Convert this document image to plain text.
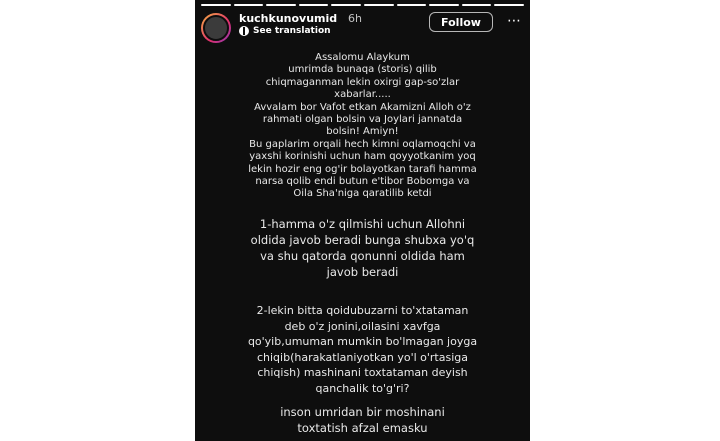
kuchkunovumid 6h
See translation
Follow	⋯
Assalomu Alaykum
umrimda bunaqa (storis) qilib
chiqmaganman lekin oxirgi gap-so'zlar
xabarlar.....
Avvalam bor Vafot etkan Akamizni Alloh o'z
rahmati olgan bolsin va Joylari jannatda
bolsin! Amiyn!
Bu gaplarim orqali hech kimni oqlamoqchi va
yaxshi korinishi uchun ham qoyyotkanim yoq
lekin hozir eng og'ir bolayotkan tarafi hamma
narsa qolib endi butun e'tibor Bobomga va
Oila Sha'niga qaratilib ketdi
1-hamma o'z qilmishi uchun Allohni
oldida javob beradi bunga shubxa yo'q
va shu qatorda qonunni oldida ham
javob beradi
2-lekin bitta qoidubuzarni to'xtataman
deb o'z jonini,oilasini xavfga
qo'yib,umuman mumkin bo'lmagan joyga
chiqib(harakatlaniyotkan yo'l o'rtasiga
chiqish) mashinani toxtataman deyish
qanchalik to'g'ri?
inson umridan bir moshinani
toxtatish afzal emasku
